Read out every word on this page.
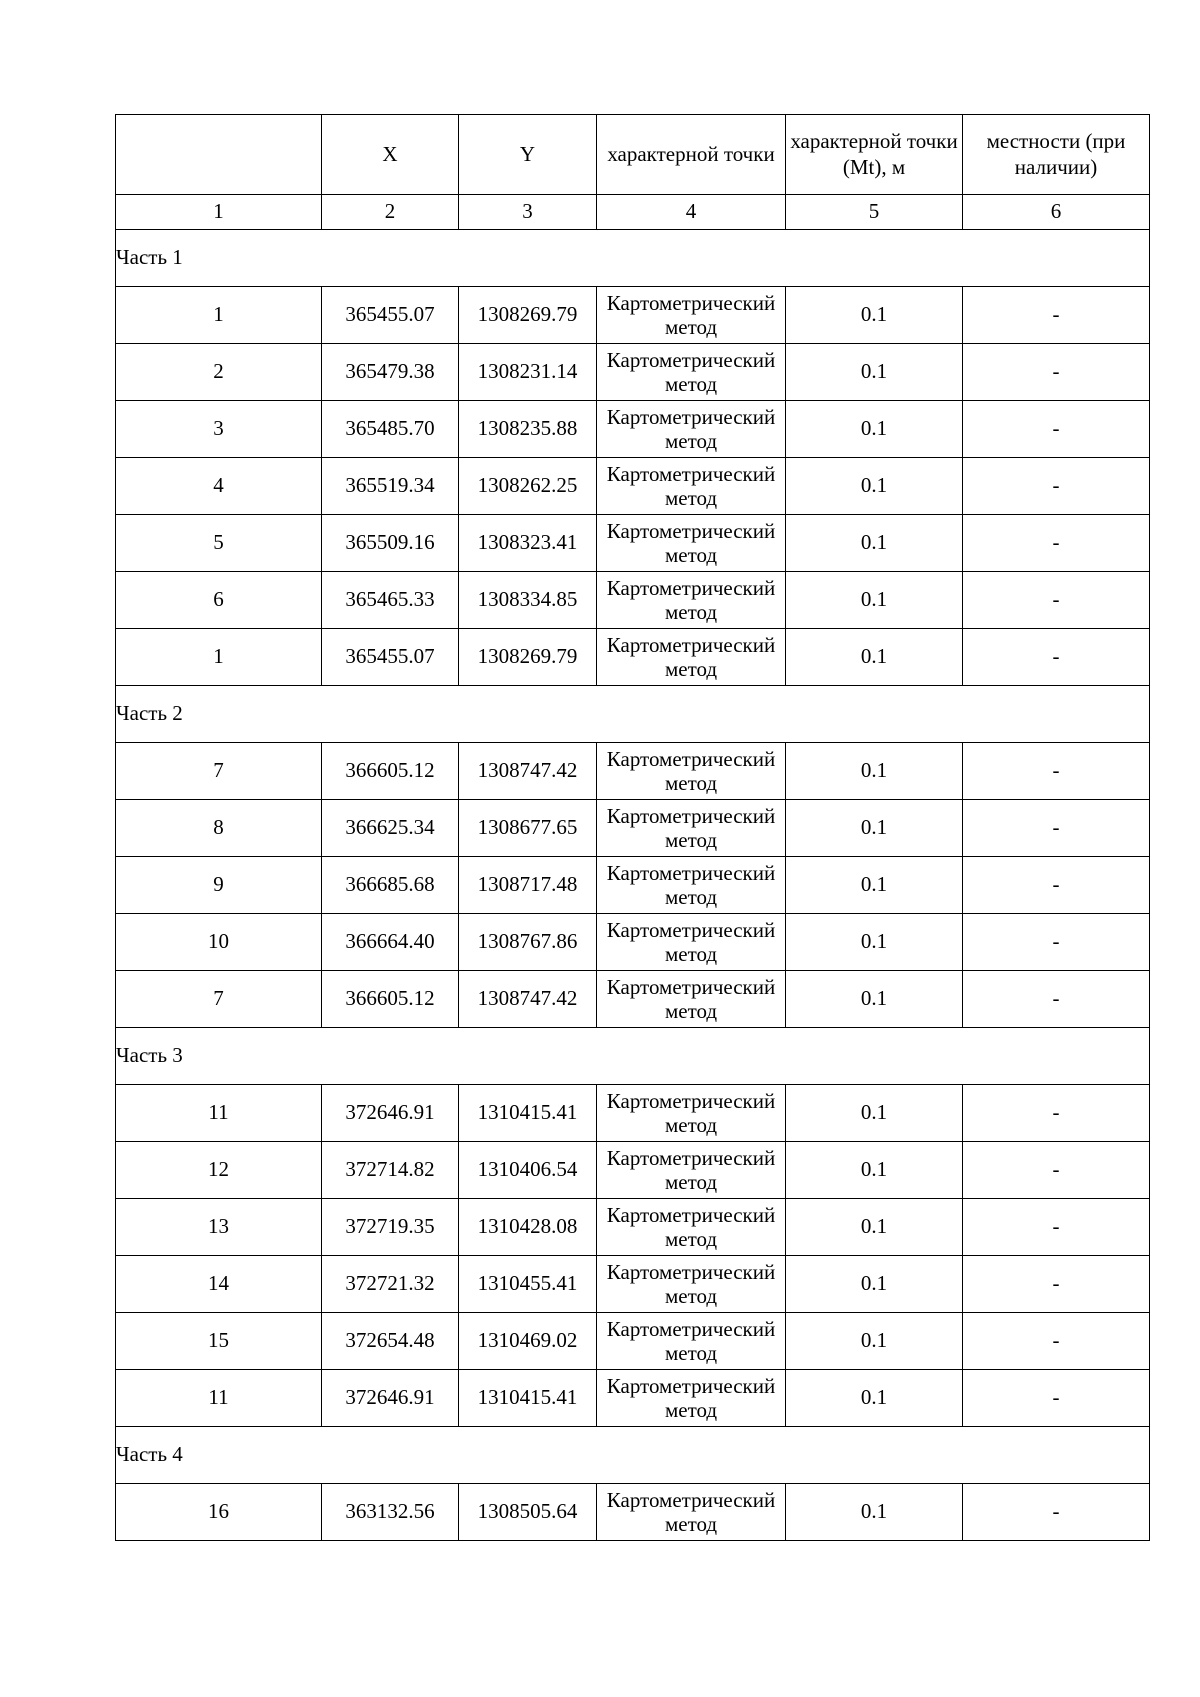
	X	Y	характерной точки	характерной точки (Mt), м	местности (при наличии)
1	2	3	4	5	6
Часть 1					
1	365455.07	1308269.79	Картометрический метод	0.1	-
2	365479.38	1308231.14	Картометрический метод	0.1	-
3	365485.70	1308235.88	Картометрический метод	0.1	-
4	365519.34	1308262.25	Картометрический метод	0.1	-
5	365509.16	1308323.41	Картометрический метод	0.1	-
6	365465.33	1308334.85	Картометрический метод	0.1	-
1	365455.07	1308269.79	Картометрический метод	0.1	-
Часть 2					
7	366605.12	1308747.42	Картометрический метод	0.1	-
8	366625.34	1308677.65	Картометрический метод	0.1	-
9	366685.68	1308717.48	Картометрический метод	0.1	-
10	366664.40	1308767.86	Картометрический метод	0.1	-
7	366605.12	1308747.42	Картометрический метод	0.1	-
Часть 3					
11	372646.91	1310415.41	Картометрический метод	0.1	-
12	372714.82	1310406.54	Картометрический метод	0.1	-
13	372719.35	1310428.08	Картометрический метод	0.1	-
14	372721.32	1310455.41	Картометрический метод	0.1	-
15	372654.48	1310469.02	Картометрический метод	0.1	-
11	372646.91	1310415.41	Картометрический метод	0.1	-
Часть 4					
16	363132.56	1308505.64	Картометрический метод	0.1	-
